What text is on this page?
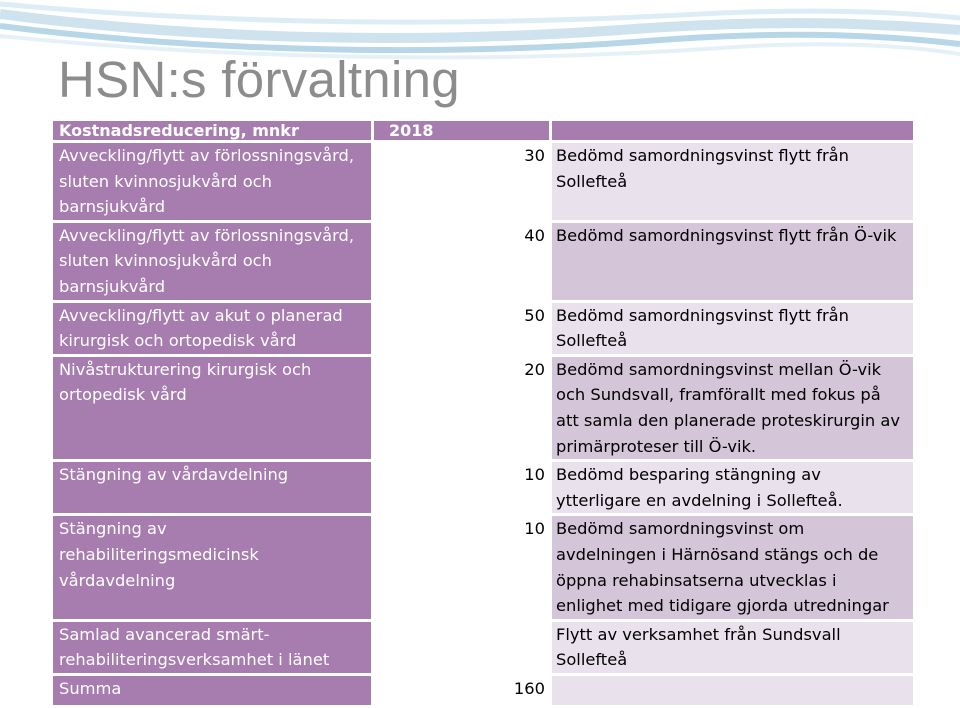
HSN:s förvaltning
Kostnadsreducering, mnkr	2018	
Avveckling/flytt av förlossningsvård, sluten kvinnosjukvård och barnsjukvård	30	Bedömd samordningsvinst flytt från Sollefteå
Avveckling/flytt av förlossningsvård, sluten kvinnosjukvård och barnsjukvård	40	Bedömd samordningsvinst flytt från Ö-vik
Avveckling/flytt av akut o planerad kirurgisk och ortopedisk vård	50	Bedömd samordningsvinst flytt från Sollefteå
Nivåstrukturering kirurgisk och ortopedisk vård	20	Bedömd samordningsvinst mellan Ö-vik och Sundsvall, framförallt med fokus på att samla den planerade proteskirurgin av primärproteser till Ö-vik.
Stängning av vårdavdelning	10	Bedömd besparing stängning av ytterligare en avdelning i Sollefteå.
Stängning av rehabiliteringsmedicinsk vårdavdelning	10	Bedömd samordningsvinst om avdelningen i Härnösand stängs och de öppna rehabinsatserna utvecklas i enlighet med tidigare gjorda utredningar
Samlad avancerad smärt-rehabiliteringsverksamhet i länet		Flytt av verksamhet från Sundsvall Sollefteå
Summa	160	
